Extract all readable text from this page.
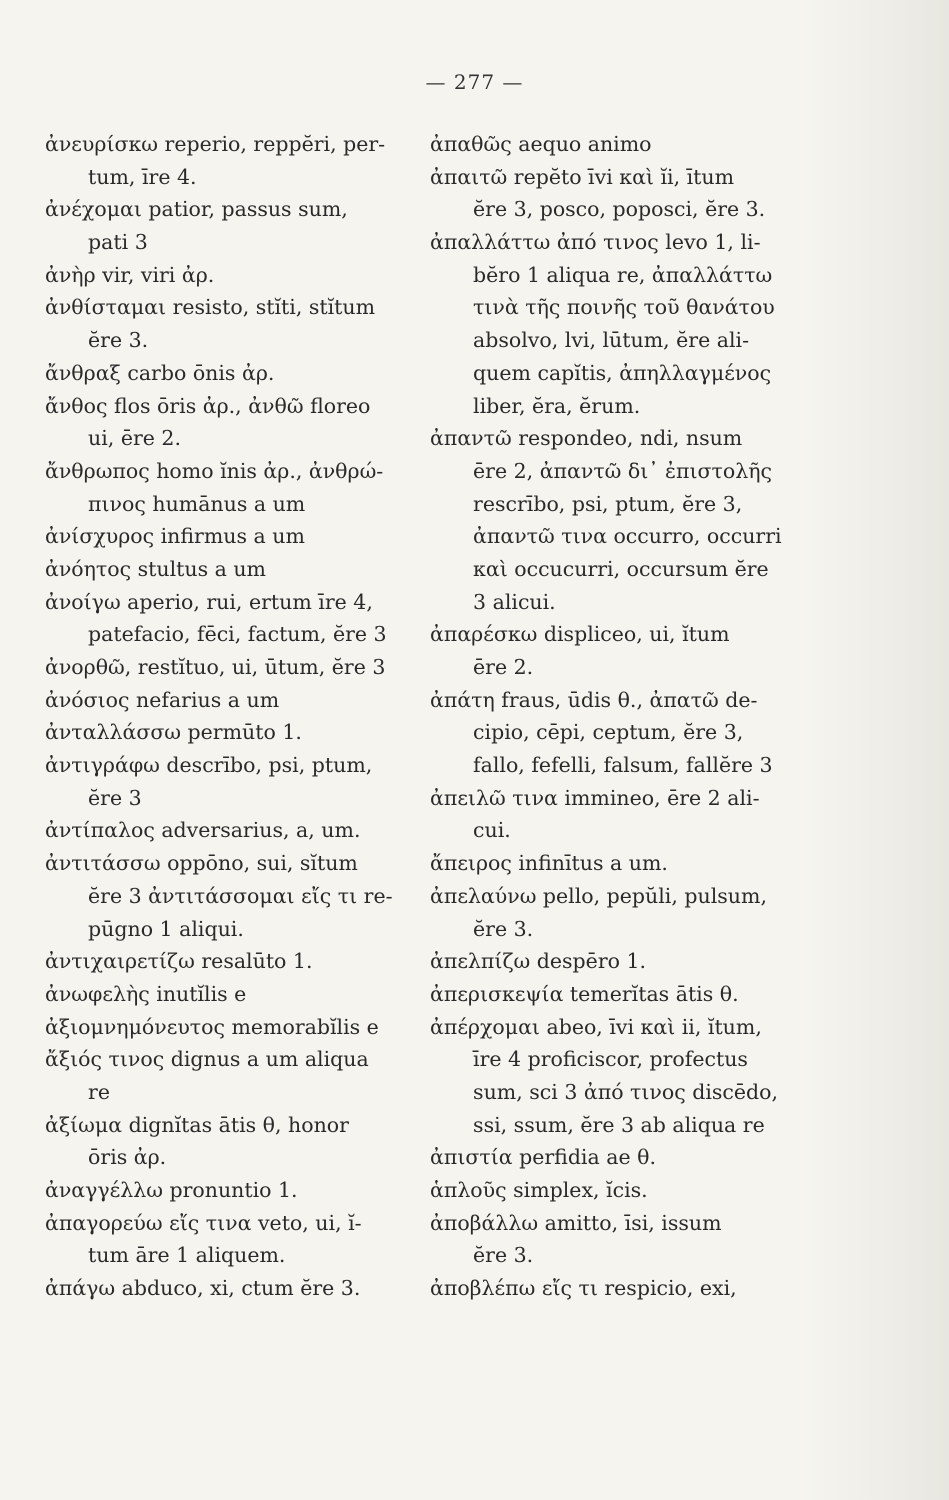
— 277 —
ἀνευρίσκω reperio, reppĕri, per-
tum, īre 4.
ἀνέχομαι patior, passus sum,
pati 3
ἀνὴρ vir, viri ἀρ.
ἀνθίσταμαι resisto, stĭti, stĭtum
ĕre 3.
ἄνθραξ carbo ōnis ἀρ.
ἄνθος flos ōris ἀρ., ἀνθῶ floreo
ui, ēre 2.
ἄνθρωπος homo ĭnis ἀρ., ἀνθρώ-
πινος humānus a um
ἀνίσχυρος infirmus a um
ἀνόητος stultus a um
ἀνοίγω aperio, rui, ertum īre 4,
patefacio, fēci, factum, ĕre 3
ἀνορθῶ, restĭtuo, ui, ūtum, ĕre 3
ἀνόσιος nefarius a um
ἀνταλλάσσω permūto 1.
ἀντιγράφω descrībo, psi, ptum,
ĕre 3
ἀντίπαλος adversarius, a, um.
ἀντιτάσσω oppōno, sui, sĭtum
ĕre 3 ἀντιτάσσομαι εἴς τι re-
pūgno 1 aliqui.
ἀντιχαιρετίζω resalūto 1.
ἀνωφελὴς inutĭlis e
ἀξιομνημόνευτος memorabĭlis e
ἄξιός τινος dignus a um aliqua
re
ἀξίωμα dignĭtas ātis θ, honor
ōris ἀρ.
ἀναγγέλλω pronuntio 1.
ἀπαγορεύω εἴς τινα veto, ui, ĭ-
tum āre 1 aliquem.
ἀπάγω abduco, xi, ctum ĕre 3.
ἀπαθῶς aequo animo
ἀπαιτῶ repĕto īvi καὶ ĭi, ītum
ĕre 3, posco, poposci, ĕre 3.
ἀπαλλάττω ἀπό τινος levo 1, li-
bĕro 1 aliqua re, ἀπαλλάττω
τινὰ τῆς ποινῆς τοῦ θανάτου
absolvo, lvi, lūtum, ĕre ali-
quem capĭtis, ἀπηλλαγμένος
liber, ĕra, ĕrum.
ἀπαντῶ respondeo, ndi, nsum
ēre 2, ἀπαντῶ δι᾽ ἐπιστολῆς
rescrībo, psi, ptum, ĕre 3,
ἀπαντῶ τινα occurro, occurri
καὶ occucurri, occursum ĕre
3 alicui.
ἀπαρέσκω displiceo, ui, ĭtum
ēre 2.
ἀπάτη fraus, ūdis θ., ἀπατῶ de-
cipio, cēpi, ceptum, ĕre 3,
fallo, fefelli, falsum, fallĕre 3
ἀπειλῶ τινα immineo, ēre 2 ali-
cui.
ἄπειρος infinītus a um.
ἀπελαύνω pello, pepŭli, pulsum,
ĕre 3.
ἀπελπίζω despēro 1.
ἀπερισκεψία temerĭtas ātis θ.
ἀπέρχομαι abeo, īvi καὶ ii, ĭtum,
īre 4 proficiscor, profectus
sum, sci 3 ἀπό τινος discēdo,
ssi, ssum, ĕre 3 ab aliqua re
ἀπιστία perfidia ae θ.
ἁπλοῦς simplex, ĭcis.
ἀποβάλλω amitto, īsi, issum
ĕre 3.
ἀποβλέπω εἴς τι respicio, exi,
